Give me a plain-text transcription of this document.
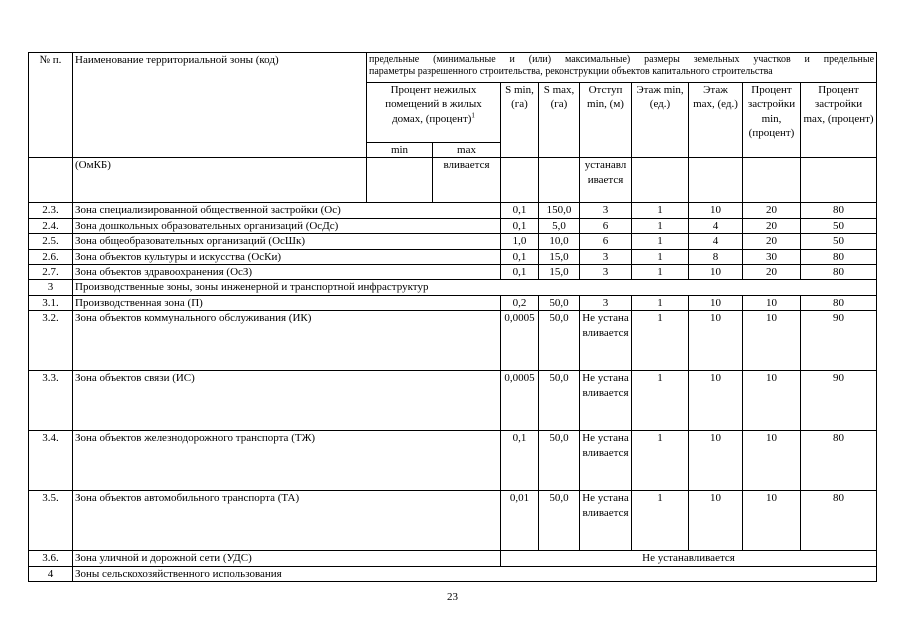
№ п.	Наименование территориальной зоны (код)	предельные (минимальные и (или) максимальные) размеры земельных участков и предельные
параметры разрешенного строительства, реконструкции объектов капитального строительства								

		Процент нежилых помещений в жилых домах, (процент)$^1$		S min, (га)	S max, (га)	Отступ min, (м)	Этаж min, (ед.)	Этаж max, (ед.)	Процент застройки min, (процент)	Процент застройки max, (процент)
		min	max							
	(ОмКБ)		вливается			устанавливается				
2.3.	Зона специализированной общественной застройки (Ос)			0,1	150,0	3	1	10	20	80
2.4.	Зона дошкольных образовательных организаций (ОсДс)			0,1	5,0	6	1	4	20	50
2.5.	Зона общеобразовательных организаций (ОсШк)			1,0	10,0	6	1	4	20	50
2.6.	Зона объектов культуры и искусства (ОсКи)			0,1	15,0	3	1	8	30	80
2.7.	Зона объектов здравоохранения (ОсЗ)			0,1	15,0	3	1	10	20	80
3	Производственные зоны, зоны инженерной и транспортной инфраструктур									
3.1.	Производственная зона (П)			0,2	50,0	3	1	10	10	80
3.2.	Зона объектов коммунального обслуживания (ИК)			0,0005	50,0	Не устанавливается	1	10	10	90
3.3.	Зона объектов связи (ИС)			0,0005	50,0	Не устанавливается	1	10	10	90
3.4.	Зона объектов железнодорожного транспорта (ТЖ)			0,1	50,0	Не устанавливается	1	10	10	80
3.5.	Зона объектов автомобильного транспорта (ТА)			0,01	50,0	Не устанавливается	1	10	10	80
3.6.	Зона уличной и дорожной сети (УДС)			Не устанавливается						
4	Зоны сельскохозяйственного использования									
23
